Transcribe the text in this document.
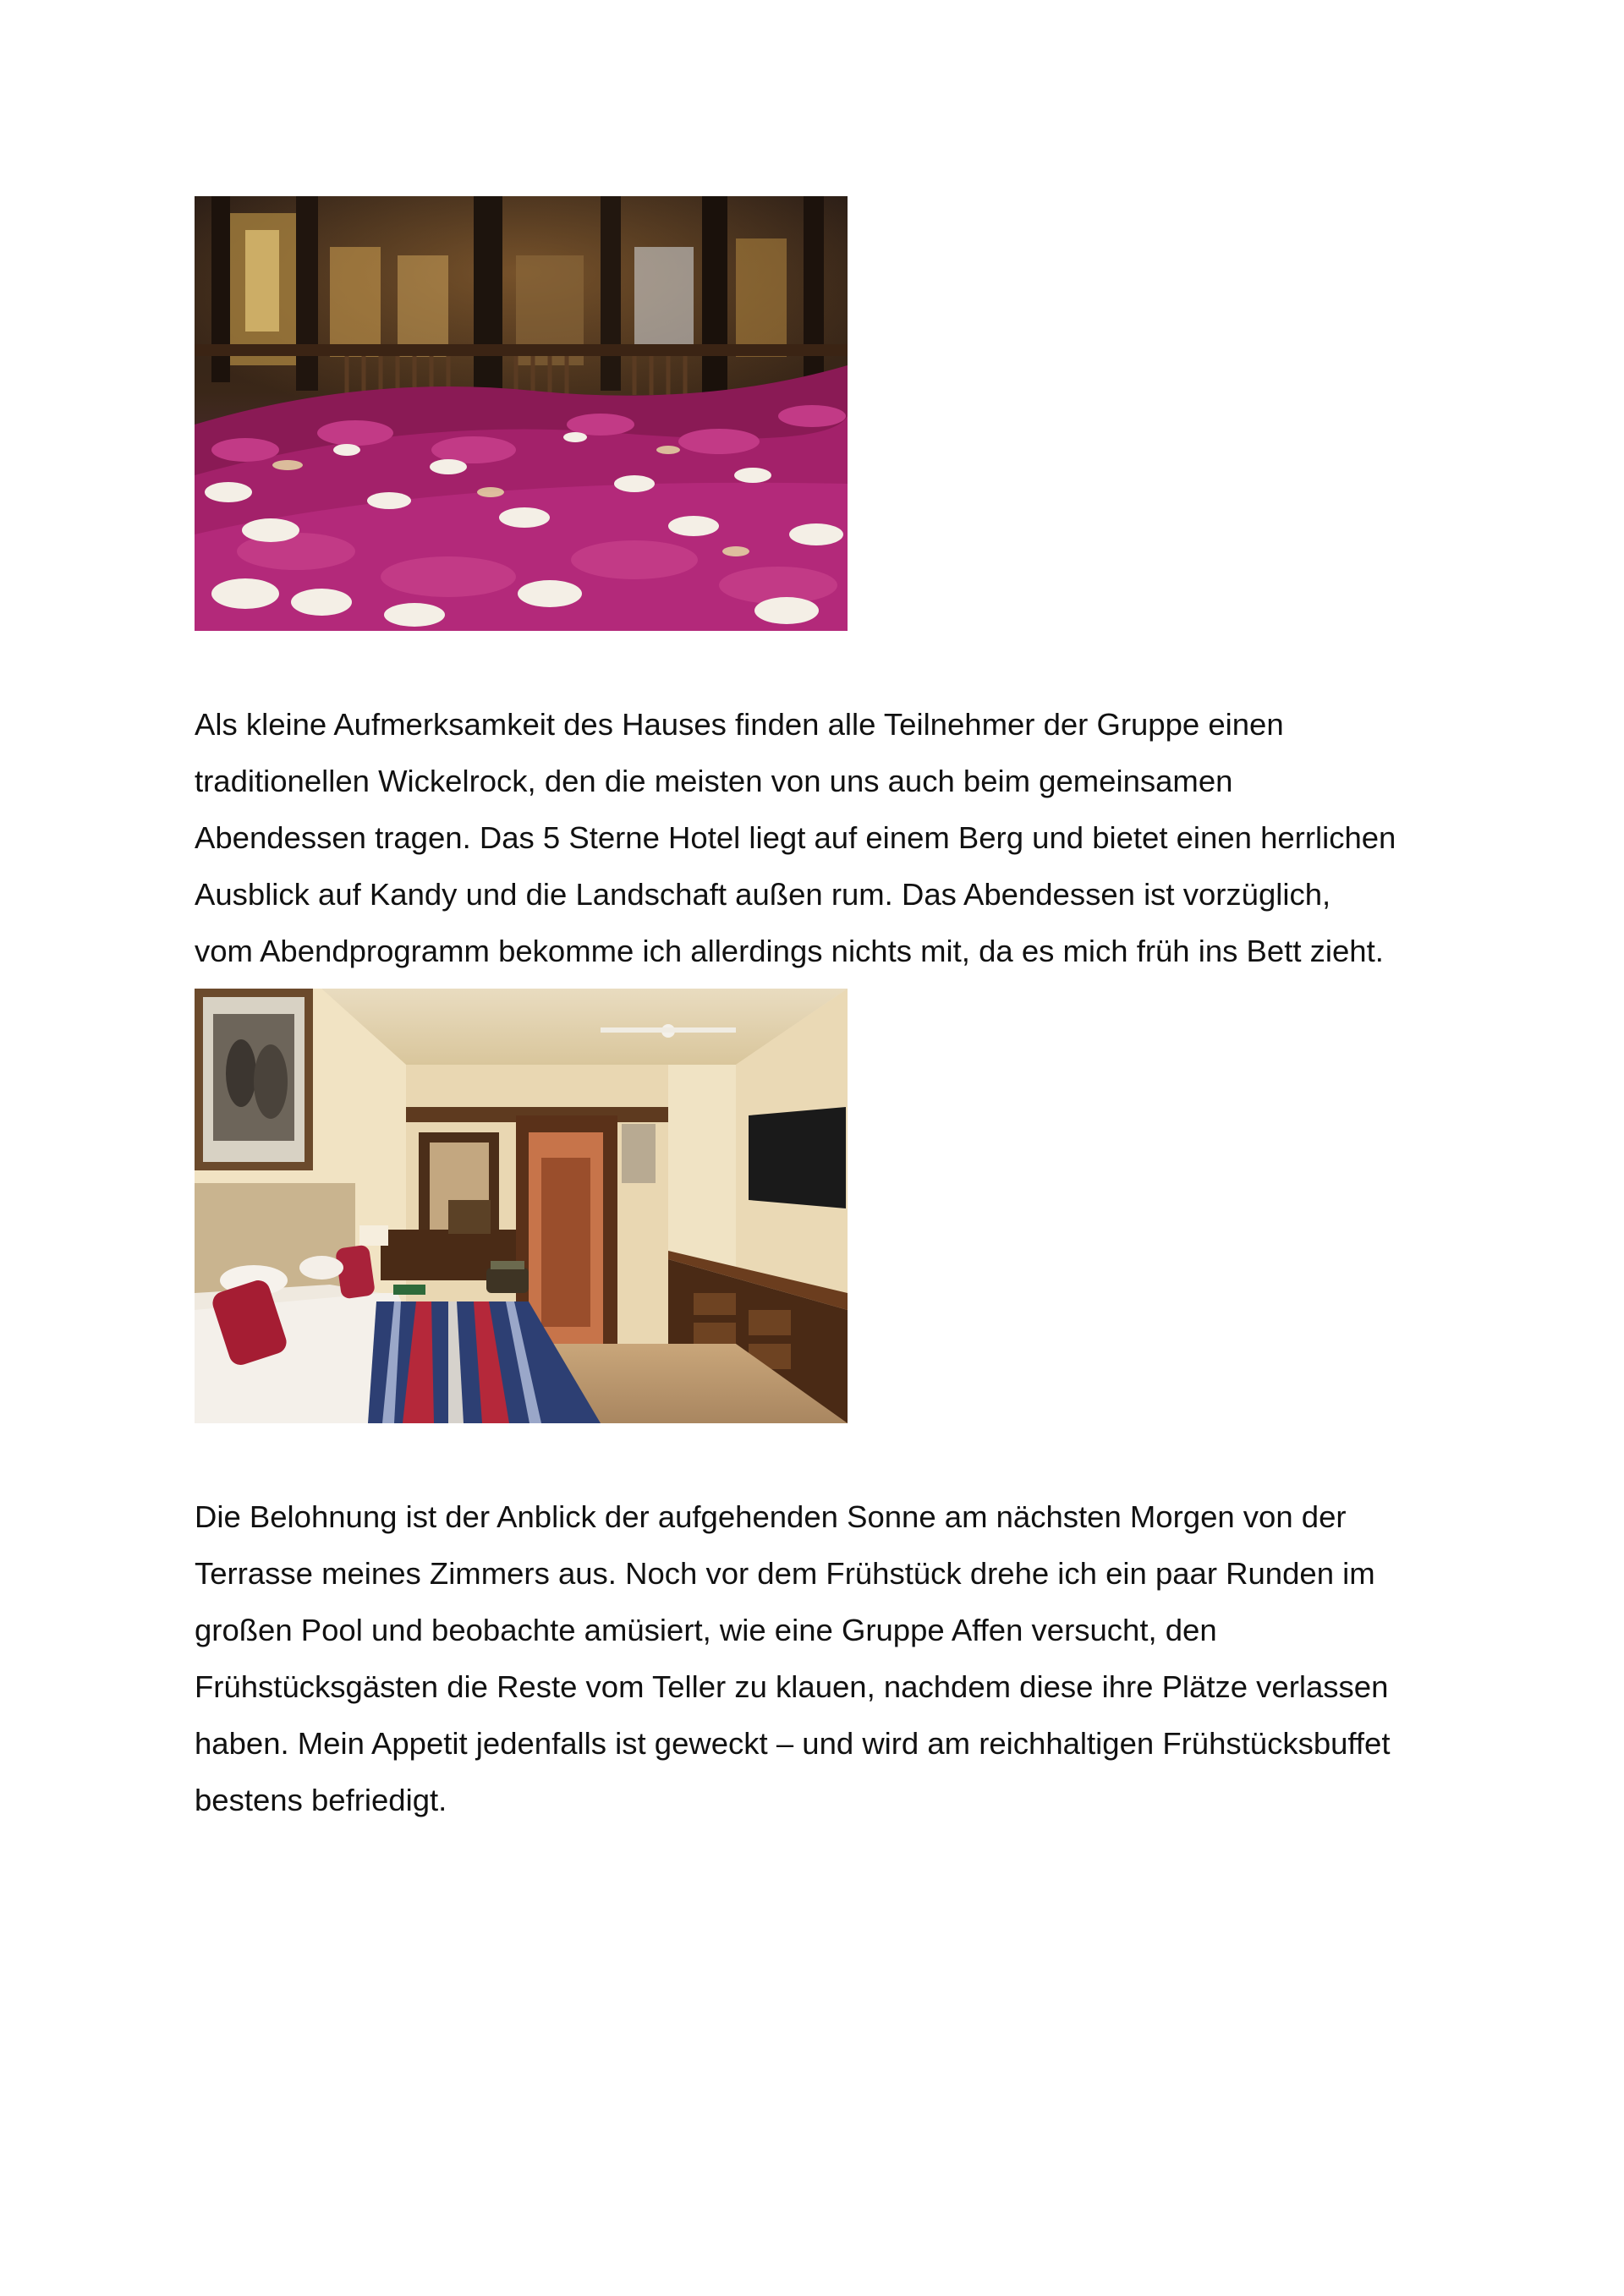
Als kleine Aufmerksamkeit des Hauses finden alle Teilnehmer der Gruppe einen
traditionellen Wickelrock, den die meisten von uns auch beim gemeinsamen
Abendessen tragen. Das 5 Sterne Hotel liegt auf einem Berg und bietet einen herrlichen
Ausblick auf Kandy und die Landschaft außen rum. Das Abendessen ist vorzüglich,
vom Abendprogramm bekomme ich allerdings nichts mit, da es mich früh ins Bett zieht.

Die Belohnung ist der Anblick der aufgehenden Sonne am nächsten Morgen von der
Terrasse meines Zimmers aus. Noch vor dem Frühstück drehe ich ein paar Runden im
großen Pool und beobachte amüsiert, wie eine Gruppe Affen versucht, den
Frühstücksgästen die Reste vom Teller zu klauen, nachdem diese ihre Plätze verlassen
haben. Mein Appetit jedenfalls ist geweckt – und wird am reichhaltigen Frühstücksbuffet
bestens befriedigt.
